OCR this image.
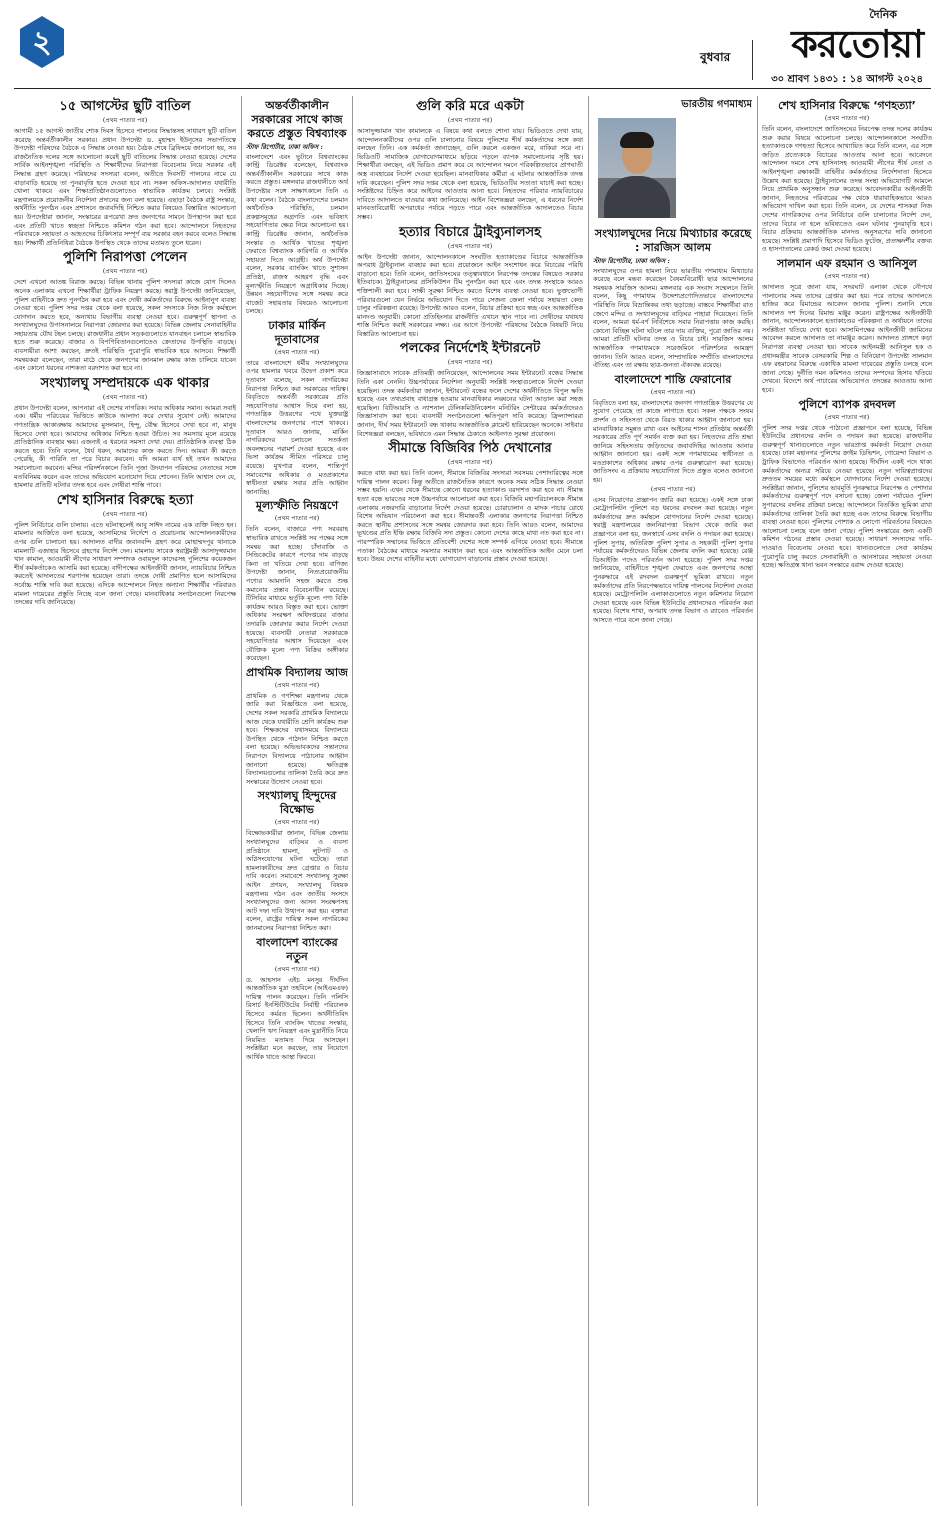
২	বুধবার
দৈনিক
করতোয়া
৩০ শ্রাবণ ১৪৩১ : ১৪ আগস্ট ২০২৪
১৫ আগস্টের ছুটি বাতিল
(প্রথম পাতার পর)

আগামী ১৫ আগস্ট জাতীয় শোক দিবস হিসেবে পালনের সিদ্ধান্তসহ সাধারণ ছুটি বাতিল করেছে অন্তর্বর্তীকালীন সরকার। প্রধান উপদেষ্টা ড. মুহাম্মদ ইউনূসের সভাপতিত্বে উপদেষ্টা পরিষদের বৈঠকে এ সিদ্ধান্ত নেওয়া হয়। বৈঠক শেষে ব্রিফিংয়ে জানানো হয়, সব রাজনৈতিক দলের সঙ্গে আলোচনা করেই ছুটি বাতিলের সিদ্ধান্ত নেওয়া হয়েছে। দেশের সার্বিক আইনশৃঙ্খলা পরিস্থিতি ও শিক্ষার্থীদের নিরাপত্তা বিবেচনায় নিয়ে সরকার এই সিদ্ধান্ত গ্রহণ করেছে। পরিষদের সদস্যরা বলেন, অতীতে দিবসটি পালনের নামে যে বাড়াবাড়ি হয়েছে তা পুনরাবৃত্তি হতে দেওয়া হবে না। সকল অফিস-আদালত যথারীতি খোলা থাকবে এবং শিক্ষাপ্রতিষ্ঠানগুলোতেও স্বাভাবিক কার্যক্রম চলবে। সংশ্লিষ্ট মন্ত্রণালয়কে প্রয়োজনীয় নির্দেশনা প্রদানের জন্য বলা হয়েছে। এছাড়া বৈঠকে রাষ্ট্র সংস্কার, অর্থনীতি পুনর্গঠন এবং প্রশাসনে জবাবদিহি নিশ্চিত করার বিষয়েও বিস্তারিত আলোচনা হয়। উপদেষ্টারা জানান, সংস্কারের রূপরেখা দ্রুত জনগণের সামনে উপস্থাপন করা হবে এবং প্রতিটি খাতে স্বচ্ছতা নিশ্চিতে কমিশন গঠন করা হবে। আন্দোলনে নিহতদের পরিবারকে সহায়তা ও আহতদের চিকিৎসার সম্পূর্ণ ব্যয় সরকার বহন করবে বলেও সিদ্ধান্ত হয়। শিক্ষার্থী প্রতিনিধিরা বৈঠকে উপস্থিত থেকে তাদের মতামত তুলে ধরেন।

পুলিশি নিরাপত্তা পেলেন
(প্রথম পাতার পর)

দেশে এখনো আতঙ্ক বিরাজ করছে। বিভিন্ন থানায় পুলিশ সদস্যরা কাজে যোগ দিলেও অনেক এলাকায় এখনো শিক্ষার্থীরা ট্রাফিক নিয়ন্ত্রণ করছে। স্বরাষ্ট্র উপদেষ্টা জানিয়েছেন, পুলিশ বাহিনীকে দ্রুত পুনর্গঠন করা হবে এবং দোষী কর্মকর্তাদের বিরুদ্ধে আইনানুগ ব্যবস্থা নেওয়া হবে। পুলিশ সদর দপ্তর থেকে বলা হয়েছে, সকল সদস্যকে নিজ নিজ কর্মস্থলে যোগদান করতে হবে, অন্যথায় বিভাগীয় ব্যবস্থা নেওয়া হবে। গুরুত্বপূর্ণ স্থাপনা ও সংখ্যালঘুদের উপাসনালয়ে নিরাপত্তা জোরদার করা হয়েছে। বিভিন্ন জেলায় সেনাবাহিনীর সহায়তায় যৌথ টহল চলছে। রাজধানীর প্রধান সড়কগুলোতে যানবাহন চলাচল স্বাভাবিক হতে শুরু করেছে। বাজার ও বিপণিবিতানগুলোতেও ক্রেতাদের উপস্থিতি বাড়ছে। ব্যবসায়ীরা আশা করছেন, দ্রুতই পরিস্থিতি পুরোপুরি স্বাভাবিক হয়ে আসবে। শিক্ষার্থী সমন্বয়করা বলেছেন, তারা মাঠে থেকে জনগণের জানমাল রক্ষায় কাজ চালিয়ে যাবেন এবং কোনো ধরনের নাশকতা বরদাশত করা হবে না।

সংখ্যালঘু সম্প্রদায়কে এক থাকার
(প্রথম পাতার পর)

প্রধান উপদেষ্টা বলেন, আপনারা এই দেশের নাগরিক। সবার অধিকার সমান। আমরা সবাই এক। ধর্মীয় পরিচয়ের ভিত্তিতে কাউকে আলাদা করে দেখার সুযোগ নেই। আমাদের গণতান্ত্রিক আকাঙ্ক্ষায় আমাদের মুসলমান, হিন্দু, বৌদ্ধ হিসেবে দেখা হবে না, মানুষ হিসেবে দেখা হবে। আমাদের অধিকার নিশ্চিত হওয়া উচিত। সব সমস্যার মূলে রয়েছে প্রাতিষ্ঠানিক ব্যবস্থার ক্ষয়। এজন্যই এ ধরনের সমস্যা দেখা দেয়। প্রাতিষ্ঠানিক ব্যবস্থা ঠিক করতে হবে। তিনি বলেন, ধৈর্য ধরুন, আমাদের কাজ করতে দিন। আমরা কী করতে পেরেছি, কী পারিনি তা পরে বিচার করবেন। যদি আমরা ব্যর্থ হই তখন আমাদের সমালোচনা করবেন। মন্দির পরিদর্শনকালে তিনি পূজা উদযাপন পরিষদের নেতাদের সঙ্গে মতবিনিময় করেন এবং তাদের অভিযোগ মনোযোগ দিয়ে শোনেন। তিনি আশ্বাস দেন যে, হামলার প্রতিটি ঘটনার তদন্ত হবে এবং দোষীরা শাস্তি পাবে।

শেখ হাসিনার বিরুদ্ধে হত্যা
(প্রথম পাতার পর)

পুলিশ নির্বিচারে গুলি চালায়। এতে ঘটনাস্থলেই আবু সাঈদ নামের এক ব্যক্তি নিহত হন। মামলার আর্জিতে বলা হয়েছে, আসামিদের নির্দেশে ও প্ররোচনায় আন্দোলনকারীদের ওপর গুলি চালানো হয়। আদালত বাদীর জবানবন্দি গ্রহণ করে মোহাম্মদপুর থানাকে মামলাটি এজাহার হিসেবে গ্রহণের নির্দেশ দেন। মামলায় সাবেক স্বরাষ্ট্রমন্ত্রী আসাদুজ্জামান খান কামাল, আওয়ামী লীগের সাধারণ সম্পাদক ওবায়দুল কাদেরসহ পুলিশের কয়েকজন শীর্ষ কর্মকর্তাকেও আসামি করা হয়েছে। বাদীপক্ষের আইনজীবী জানান, ন্যায়বিচার নিশ্চিত করতেই আদালতের শরণাপন্ন হয়েছেন তারা। তদন্তে দোষী প্রমাণিত হলে আসামিদের সর্বোচ্চ শাস্তি দাবি করা হয়েছে। এদিকে আন্দোলনে নিহত অন্যান্য শিক্ষার্থীর পরিবারও মামলা দায়েরের প্রস্তুতি নিচ্ছে বলে জানা গেছে। মানবাধিকার সংগঠনগুলো নিরপেক্ষ তদন্তের দাবি জানিয়েছে।

অন্তর্বর্তীকালীন সরকারের সাথে কাজ করতে প্রস্তুত বিশ্বব্যাংক

স্টাফ রিপোর্টার, ঢাকা অফিস :

বাংলাদেশে এবং ভুটানে বিশ্বব্যাংকের কান্ট্রি ডিরেক্টর বলেছেন, বিশ্বব্যাংক অন্তর্বর্তীকালীন সরকারের সাথে কাজ করতে প্রস্তুত। মঙ্গলবার রাজধানীতে অর্থ উপদেষ্টার সঙ্গে সাক্ষাৎকালে তিনি এ কথা বলেন। বৈঠকে বাংলাদেশের চলমান অর্থনৈতিক পরিস্থিতি, চলমান প্রকল্পসমূহের অগ্রগতি এবং ভবিষ্যৎ সহযোগিতার ক্ষেত্র নিয়ে আলোচনা হয়। কান্ট্রি ডিরেক্টর জানান, অর্থনৈতিক সংস্কার ও আর্থিক খাতের শৃঙ্খলা ফেরাতে বিশ্বব্যাংক কারিগরি ও আর্থিক সহায়তা দিতে আগ্রহী। অর্থ উপদেষ্টা বলেন, সরকার ব্যাংকিং খাতে সুশাসন প্রতিষ্ঠা, রাজস্ব আহরণ বৃদ্ধি এবং মূল্যস্ফীতি নিয়ন্ত্রণে অগ্রাধিকার দিচ্ছে। উন্নয়ন সহযোগীদের সঙ্গে সমন্বয় করে বাজেট সহায়তার বিষয়েও আলোচনা চলছে।

ঢাকার মার্কিন দূতাবাসের
(প্রথম পাতার পর)

তারে বাংলাদেশে ধর্মীয় সংখ্যালঘুদের ওপর হামলার খবরে উদ্বেগ প্রকাশ করে দূতাবাস বলেছে, সকল নাগরিকের নিরাপত্তা নিশ্চিত করা সরকারের দায়িত্ব। বিবৃতিতে অন্তর্বর্তী সরকারের প্রতি সহযোগিতার আশ্বাস দিয়ে বলা হয়, গণতান্ত্রিক উত্তরণের পথে যুক্তরাষ্ট্র বাংলাদেশের জনগণের পাশে থাকবে। দূতাবাস আরও জানায়, মার্কিন নাগরিকদের চলাচলে সতর্কতা অবলম্বনের পরামর্শ দেওয়া হয়েছে এবং ভিসা কার্যক্রম সীমিত পরিসরে চালু রয়েছে। মুখপাত্র বলেন, শান্তিপূর্ণ সমাবেশের অধিকার ও মতপ্রকাশের স্বাধীনতা রক্ষায় সবার প্রতি আহ্বান জানাচ্ছি।

মূল্যস্ফীতি নিয়ন্ত্রণে
(প্রথম পাতার পর)

তিনি বলেন, বাজারে পণ্য সরবরাহ স্বাভাবিক রাখতে সংশ্লিষ্ট সব পক্ষের সঙ্গে সমন্বয় করা হচ্ছে। চাঁদাবাজি ও সিন্ডিকেটের কারণে পণ্যের দাম বাড়ছে কিনা তা খতিয়ে দেখা হবে। বাণিজ্য উপদেষ্টা জানান, নিত্যপ্রয়োজনীয় পণ্যের আমদানি সহজ করতে শুল্ক কমানোর প্রস্তাব বিবেচনাধীন রয়েছে। টিসিবির মাধ্যমে ভর্তুকি মূল্যে পণ্য বিক্রি কার্যক্রম আরও বিস্তৃত করা হবে। ভোক্তা অধিকার সংরক্ষণ অধিদপ্তরের বাজার তদারকি জোরদার করার নির্দেশ দেওয়া হয়েছে। ব্যবসায়ী নেতারা সরকারকে সহযোগিতার আশ্বাস দিয়েছেন এবং যৌক্তিক মূল্যে পণ্য বিক্রির অঙ্গীকার করেছেন।

প্রাথমিক বিদ্যালয় আজ
(প্রথম পাতার পর)

প্রাথমিক ও গণশিক্ষা মন্ত্রণালয় থেকে জারি করা বিজ্ঞপ্তিতে বলা হয়েছে, দেশের সকল সরকারি প্রাথমিক বিদ্যালয়ে আজ থেকে যথারীতি শ্রেণি কার্যক্রম শুরু হবে। শিক্ষকদের যথাসময়ে বিদ্যালয়ে উপস্থিত থেকে পাঠদান নিশ্চিত করতে বলা হয়েছে। অভিভাবকদের সন্তানদের নিরাপদে বিদ্যালয়ে পাঠানোর আহ্বান জানানো হয়েছে। ক্ষতিগ্রস্ত বিদ্যালয়গুলোর তালিকা তৈরি করে দ্রুত সংস্কারের উদ্যোগ নেওয়া হবে।

সংখ্যালঘু হিন্দুদের বিক্ষোভ
(প্রথম পাতার পর)

বিক্ষোভকারীরা জানান, বিভিন্ন জেলায় সংখ্যালঘুদের বাড়িঘর ও ব্যবসা প্রতিষ্ঠানে হামলা, লুটপাট ও অগ্নিসংযোগের ঘটনা ঘটেছে। তারা হামলাকারীদের দ্রুত গ্রেপ্তার ও বিচার দাবি করেন। সমাবেশে সংখ্যালঘু সুরক্ষা আইন প্রণয়ন, সংখ্যালঘু বিষয়ক মন্ত্রণালয় গঠন এবং জাতীয় সংসদে সংখ্যালঘুদের জন্য আসন সংরক্ষণসহ আট দফা দাবি উত্থাপন করা হয়। বক্তারা বলেন, রাষ্ট্রের দায়িত্ব সকল নাগরিকের জানমালের নিরাপত্তা নিশ্চিত করা।

বাংলাদেশ ব্যাংকের নতুন
(প্রথম পাতার পর)

ড. আহসান এইচ মনসুর দীর্ঘদিন আন্তর্জাতিক মুদ্রা তহবিলে (আইএমএফ) দায়িত্ব পালন করেছেন। তিনি পলিসি রিসার্চ ইনস্টিটিউটের নির্বাহী পরিচালক হিসেবে কর্মরত ছিলেন। অর্থনীতিবিদ হিসেবে তিনি ব্যাংকিং খাতের সংস্কার, খেলাপি ঋণ নিয়ন্ত্রণ এবং মুদ্রানীতি নিয়ে নিয়মিত মতামত দিয়ে আসছেন। সংশ্লিষ্টরা মনে করছেন, তার নিয়োগে আর্থিক খাতে আস্থা ফিরবে।

গুলি করি মরে একটা
(প্রথম পাতার পর)

আসাদুজ্জামান খান কামালকে এ বিষয়ে কথা বলতে শোনা যায়। ভিডিওতে দেখা যায়, আন্দোলনকারীদের ওপর গুলি চালানোর বিষয়ে পুলিশের শীর্ষ কর্মকর্তাদের সঙ্গে কথা বলছেন তিনি। এক কর্মকর্তা জানাচ্ছেন, গুলি করলে একজন মরে, বাকিরা সরে না। ভিডিওটি সামাজিক যোগাযোগমাধ্যমে ছড়িয়ে পড়লে ব্যাপক সমালোচনার সৃষ্টি হয়। শিক্ষার্থীরা বলছেন, এই ভিডিও প্রমাণ করে যে আন্দোলন দমনে পরিকল্পিতভাবে প্রাণঘাতী অস্ত্র ব্যবহারের নির্দেশ দেওয়া হয়েছিল। মানবাধিকার কর্মীরা এ ঘটনার আন্তর্জাতিক তদন্ত দাবি করেছেন। পুলিশ সদর দপ্তর থেকে বলা হয়েছে, ভিডিওটির সত্যতা যাচাই করা হচ্ছে। সংশ্লিষ্টদের চিহ্নিত করে আইনের আওতায় আনা হবে। নিহতদের পরিবার ন্যায়বিচারের দাবিতে আদালতে যাওয়ার কথা জানিয়েছে। আইন বিশেষজ্ঞরা বলছেন, এ ধরনের নির্দেশ মানবতাবিরোধী অপরাধের পর্যায়ে পড়তে পারে এবং আন্তর্জাতিক আদালতেও বিচার সম্ভব।

হত্যার বিচারে ট্রাইব্যুনালসহ
(প্রথম পাতার পর)

আইন উপদেষ্টা জানান, আন্দোলনকালে সংঘটিত হত্যাকাণ্ডের বিচারে আন্তর্জাতিক অপরাধ ট্রাইব্যুনাল ব্যবহার করা হবে। প্রয়োজনে আইন সংশোধন করে বিচারের পরিধি বাড়ানো হবে। তিনি বলেন, জাতিসংঘের তত্ত্বাবধানে নিরপেক্ষ তদন্তের বিষয়েও সরকার ইতিবাচক। ট্রাইব্যুনালের প্রসিকিউশন টিম পুনর্গঠন করা হবে এবং তদন্ত সংস্থাকে আরও শক্তিশালী করা হবে। সাক্ষী সুরক্ষা নিশ্চিত করতে বিশেষ ব্যবস্থা নেওয়া হবে। ভুক্তভোগী পরিবারগুলো যেন নির্ভয়ে অভিযোগ দিতে পারে সেজন্য জেলা পর্যায়ে সহায়তা কেন্দ্র চালুর পরিকল্পনা রয়েছে। উপদেষ্টা আরও বলেন, বিচার প্রক্রিয়া হবে স্বচ্ছ এবং আন্তর্জাতিক মানদণ্ড অনুযায়ী। কোনো প্রতিহিংসার রাজনীতি এখানে স্থান পাবে না। দোষীদের যথাযথ শাস্তি নিশ্চিত করাই সরকারের লক্ষ্য। এর আগে উপদেষ্টা পরিষদের বৈঠকে বিষয়টি নিয়ে বিস্তারিত আলোচনা হয়।

পলকের নির্দেশেই ইন্টারনেট
(প্রথম পাতার পর)

জিজ্ঞাসাবাদে সাবেক প্রতিমন্ত্রী জানিয়েছেন, আন্দোলনের সময় ইন্টারনেট বন্ধের সিদ্ধান্ত তিনি একা নেননি। উচ্চপর্যায়ের নির্দেশনা অনুযায়ী সংশ্লিষ্ট সংস্থাগুলোকে নির্দেশ দেওয়া হয়েছিল। তদন্ত কর্মকর্তারা জানান, ইন্টারনেট বন্ধের ফলে দেশের অর্থনীতিতে বিপুল ক্ষতি হয়েছে এবং তথ্যপ্রবাহ বাধাগ্রস্ত হওয়ায় মানবাধিকার লঙ্ঘনের ঘটনা আড়াল করা সহজ হয়েছিল। বিটিআরসি ও ন্যাশনাল টেলিকমিউনিকেশন মনিটরিং সেন্টারের কর্মকর্তাদেরও জিজ্ঞাসাবাদ করা হবে। ব্যবসায়ী সংগঠনগুলো ক্ষতিপূরণ দাবি করেছে। ফ্রিল্যান্সাররা জানান, দীর্ঘ সময় ইন্টারনেট বন্ধ থাকায় আন্তর্জাতিক ক্লায়েন্ট হারিয়েছেন অনেকে। সাইবার বিশেষজ্ঞরা বলছেন, ভবিষ্যতে এমন সিদ্ধান্ত ঠেকাতে আইনগত সুরক্ষা প্রয়োজন।

সীমান্তে বিজিবির পিঠ দেখানোর
(প্রথম পাতার পর)

করতে বাধ্য করা হয়। তিনি বলেন, সীমান্তে বিজিবির সদস্যরা সবসময় পেশাদারিত্বের সঙ্গে দায়িত্ব পালন করেন। কিন্তু অতীতে রাজনৈতিক কারণে অনেক সময় সঠিক সিদ্ধান্ত নেওয়া সম্ভব হয়নি। এখন থেকে সীমান্তে কোনো ধরনের হত্যাকাণ্ড বরদাশত করা হবে না। সীমান্ত হত্যা বন্ধে ভারতের সঙ্গে উচ্চপর্যায়ে আলোচনা করা হবে। বিজিবি মহাপরিচালককে সীমান্ত এলাকায় নজরদারি বাড়ানোর নির্দেশ দেওয়া হয়েছে। চোরাচালান ও মাদক পাচার রোধে বিশেষ অভিযান পরিচালনা করা হবে। সীমান্তবর্তী এলাকার জনগণের নিরাপত্তা নিশ্চিত করতে স্থানীয় প্রশাসনের সঙ্গে সমন্বয় জোরদার করা হবে। তিনি আরও বলেন, আমাদের ভূখণ্ডের প্রতি ইঞ্চি রক্ষায় বিজিবি সদা প্রস্তুত। কোনো দেশের কাছে মাথা নত করা হবে না। পারস্পরিক সম্মানের ভিত্তিতে প্রতিবেশী দেশের সঙ্গে সম্পর্ক এগিয়ে নেওয়া হবে। সীমান্তে পতাকা বৈঠকের মাধ্যমে সমস্যার সমাধান করা হবে এবং আন্তর্জাতিক আইন মেনে চলা হবে। উভয় দেশের বাহিনীর মধ্যে যোগাযোগ বাড়ানোর প্রস্তাব দেওয়া হয়েছে।

ভারতীয় গণমাধ্যম
সংখ্যালঘুদের নিয়ে মিথ্যাচার করেছে : সারজিস আলম

স্টাফ রিপোর্টার, ঢাকা অফিস :

সংখ্যালঘুদের ওপর হামলা নিয়ে ভারতীয় গণমাধ্যম মিথ্যাচার করেছে বলে মন্তব্য করেছেন বৈষম্যবিরোধী ছাত্র আন্দোলনের সমন্বয়ক সারজিস আলম। মঙ্গলবার এক সংবাদ সম্মেলনে তিনি বলেন, কিছু গণমাধ্যম উদ্দেশ্যপ্রণোদিতভাবে বাংলাদেশের পরিস্থিতি নিয়ে বিভ্রান্তিকর তথ্য ছড়াচ্ছে। বাস্তবে শিক্ষার্থীরা রাত জেগে মন্দির ও সংখ্যালঘুদের বাড়িঘর পাহারা দিয়েছেন। তিনি বলেন, আমরা ধর্ম-বর্ণ নির্বিশেষে সবার নিরাপত্তায় কাজ করছি। কোনো বিচ্ছিন্ন ঘটনা ঘটলে তার দায় ব্যক্তির, পুরো জাতির নয়। আমরা প্রতিটি ঘটনার তদন্ত ও বিচার চাই। সারজিস আলম আন্তর্জাতিক গণমাধ্যমকে সরেজমিনে পরিদর্শনের আমন্ত্রণ জানান। তিনি আরও বলেন, সাম্প্রদায়িক সম্প্রীতি বাংলাদেশের ঐতিহ্য এবং তা রক্ষায় ছাত্র-জনতা ঐক্যবদ্ধ রয়েছে।

বাংলাদেশে শান্তি ফেরানোর
(প্রথম পাতার পর)

বিবৃতিতে বলা হয়, বাংলাদেশের জনগণ গণতান্ত্রিক উত্তরণের যে সুযোগ পেয়েছে তা কাজে লাগাতে হবে। সকল পক্ষকে সংযম প্রদর্শন ও সহিংসতা থেকে বিরত থাকার আহ্বান জানানো হয়। মানবাধিকার সমুন্নত রাখা এবং আইনের শাসন প্রতিষ্ঠায় অন্তর্বর্তী সরকারের প্রতি পূর্ণ সমর্থন ব্যক্ত করা হয়। নিহতদের প্রতি শ্রদ্ধা জানিয়ে সহিংসতায় জড়িতদের জবাবদিহির আওতায় আনার আহ্বান জানানো হয়। একই সঙ্গে গণমাধ্যমের স্বাধীনতা ও মতপ্রকাশের অধিকার রক্ষার ওপর গুরুত্বারোপ করা হয়েছে। জাতিসংঘ এ প্রক্রিয়ায় সহযোগিতা দিতে প্রস্তুত বলেও জানানো হয়।

(প্রথম পাতার পর)

এসব নিয়োগের প্রজ্ঞাপন জারি করা হয়েছে। একই সঙ্গে ঢাকা মেট্রোপলিটন পুলিশে বড় ধরনের রদবদল করা হয়েছে। নতুন কর্মকর্তাদের দ্রুত কর্মস্থলে যোগদানের নির্দেশ দেওয়া হয়েছে। স্বরাষ্ট্র মন্ত্রণালয়ের জননিরাপত্তা বিভাগ থেকে জারি করা প্রজ্ঞাপনে বলা হয়, জনস্বার্থে এসব বদলি ও পদায়ন করা হয়েছে। পুলিশ সুপার, অতিরিক্ত পুলিশ সুপার ও সহকারী পুলিশ সুপার পর্যায়ের কর্মকর্তাদেরও বিভিন্ন জেলায় বদলি করা হয়েছে। রেঞ্জ ডিআইজি পদেও পরিবর্তন আনা হয়েছে। পুলিশ সদর দপ্তর জানিয়েছে, বাহিনীতে শৃঙ্খলা ফেরাতে এবং জনগণের আস্থা পুনরুদ্ধারে এই রদবদল গুরুত্বপূর্ণ ভূমিকা রাখবে। নতুন কর্মকর্তাদের প্রতি নিরপেক্ষভাবে দায়িত্ব পালনের নির্দেশনা দেওয়া হয়েছে। মেট্রোপলিটন এলাকাগুলোতে নতুন কমিশনার নিয়োগ দেওয়া হয়েছে এবং বিভিন্ন ইউনিটের প্রধানদেরও পরিবর্তন করা হয়েছে। বিশেষ শাখা, অপরাধ তদন্ত বিভাগ ও র‍্যাবেও পরিবর্তন আসতে পারে বলে জানা গেছে।

শেখ হাসিনার বিরুদ্ধে ‘গণহত্যা’
(প্রথম পাতার পর)

তিনি বলেন, বাংলাদেশে জাতিসংঘের নিরপেক্ষ তদন্ত দলের কার্যক্রম শুরু করার বিষয়ে আলোচনা চলছে। আন্দোলনকালে সংঘটিত হত্যাকাণ্ডকে গণহত্যা হিসেবে আখ্যায়িত করে তিনি বলেন, এর সঙ্গে জড়িত প্রত্যেককে বিচারের আওতায় আনা হবে। আবেদনে আন্দোলন দমনে শেখ হাসিনাসহ আওয়ামী লীগের শীর্ষ নেতা ও আইনশৃঙ্খলা রক্ষাকারী বাহিনীর কর্মকর্তাদের নির্দেশদাতা হিসেবে উল্লেখ করা হয়েছে। ট্রাইব্যুনালের তদন্ত সংস্থা অভিযোগটি আমলে নিয়ে প্রাথমিক অনুসন্ধান শুরু করেছে। আবেদনকারীর আইনজীবী জানান, নিহতদের পরিবারের পক্ষ থেকে ধারাবাহিকভাবে আরও অভিযোগ দাখিল করা হবে। তিনি বলেন, যে দেশের শাসকরা নিজ দেশের নাগরিকদের ওপর নির্বিচারে গুলি চালানোর নির্দেশ দেন, তাদের বিচার না হলে ভবিষ্যতেও এমন ঘটনার পুনরাবৃত্তি হবে। বিচার প্রক্রিয়ায় আন্তর্জাতিক মানদণ্ড অনুসরণের দাবি জানানো হয়েছে। সংশ্লিষ্ট প্রমাণাদি হিসেবে ভিডিও ফুটেজ, প্রত্যক্ষদর্শীর বক্তব্য ও হাসপাতালের রেকর্ড জমা দেওয়া হয়েছে।

সালমান এফ রহমান ও আনিসুল
(প্রথম পাতার পর)

আদালত সূত্রে জানা যায়, সদরঘাট এলাকা থেকে নৌপথে পালানোর সময় তাদের গ্রেপ্তার করা হয়। পরে তাদের আদালতে হাজির করে রিমান্ডের আবেদন জানায় পুলিশ। শুনানি শেষে আদালত দশ দিনের রিমান্ড মঞ্জুর করেন। রাষ্ট্রপক্ষের আইনজীবী জানান, আন্দোলনকালে হত্যাকাণ্ডের পরিকল্পনা ও অর্থায়নে তাদের সংশ্লিষ্টতা খতিয়ে দেখা হবে। আসামিপক্ষের আইনজীবী জামিনের আবেদন করলে আদালত তা নামঞ্জুর করেন। আদালত প্রাঙ্গণে কড়া নিরাপত্তা ব্যবস্থা নেওয়া হয়। সাবেক আইনমন্ত্রী আনিসুল হক ও প্রধানমন্ত্রীর সাবেক বেসরকারি শিল্প ও বিনিয়োগ উপদেষ্টা সালমান এফ রহমানের বিরুদ্ধে একাধিক মামলা দায়েরের প্রস্তুতি চলছে বলে জানা গেছে। দুর্নীতি দমন কমিশনও তাদের সম্পদের হিসাব খতিয়ে দেখবে। বিদেশে অর্থ পাচারের অভিযোগও তদন্তের আওতায় আনা হবে।

পুলিশে ব্যাপক রদবদল
(প্রথম পাতার পর)

পুলিশ সদর দপ্তর থেকে পাঠানো প্রজ্ঞাপনে বলা হয়েছে, বিভিন্ন ইউনিটের প্রধানদের বদলি ও পদায়ন করা হয়েছে। রাজধানীর গুরুত্বপূর্ণ থানাগুলোতে নতুন ভারপ্রাপ্ত কর্মকর্তা নিয়োগ দেওয়া হয়েছে। ঢাকা মহানগর পুলিশের ক্রাইম ডিভিশন, গোয়েন্দা বিভাগ ও ট্রাফিক বিভাগেও পরিবর্তন আনা হয়েছে। দীর্ঘদিন একই পদে থাকা কর্মকর্তাদের অন্যত্র সরিয়ে নেওয়া হয়েছে। নতুন দায়িত্বপ্রাপ্তদের দ্রুততম সময়ের মধ্যে কর্মস্থলে যোগদানের নির্দেশ দেওয়া হয়েছে। সংশ্লিষ্টরা জানান, পুলিশের ভাবমূর্তি পুনরুদ্ধারে নিরপেক্ষ ও পেশাদার কর্মকর্তাদের গুরুত্বপূর্ণ পদে বসানো হচ্ছে। জেলা পর্যায়েও পুলিশ সুপারদের বদলির প্রক্রিয়া চলছে। আন্দোলনে বিতর্কিত ভূমিকা রাখা কর্মকর্তাদের তালিকা তৈরি করা হচ্ছে এবং তাদের বিরুদ্ধে বিভাগীয় ব্যবস্থা নেওয়া হবে। পুলিশের পোশাক ও লোগো পরিবর্তনের বিষয়েও আলোচনা চলছে বলে জানা গেছে। পুলিশ সংস্কারের জন্য একটি কমিশন গঠনের প্রস্তাব দেওয়া হয়েছে। সাধারণ সদস্যদের দাবি-দাওয়াও বিবেচনায় নেওয়া হবে। থানাগুলোতে সেবা কার্যক্রম পুরোপুরি চালু করতে সেনাবাহিনী ও আনসারের সহায়তা নেওয়া হচ্ছে। ক্ষতিগ্রস্ত থানা ভবন সংস্কারে বরাদ্দ দেওয়া হয়েছে।
